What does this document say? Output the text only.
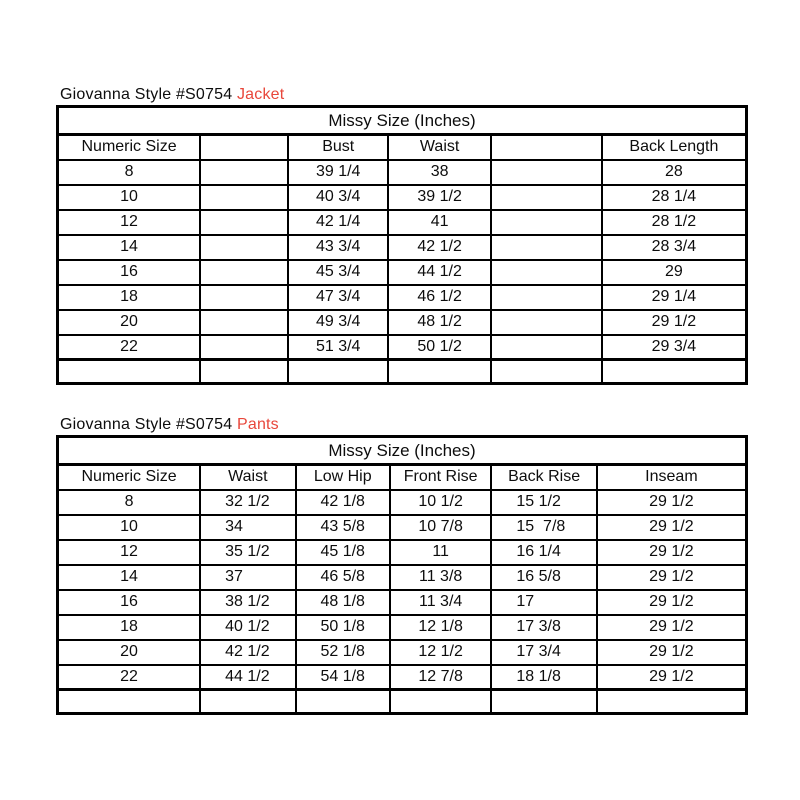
Giovanna Style #S0754 Jacket
Missy Size (Inches)					
Numeric Size		Bust	Waist		Back Length
8		39 1/4	38		28
10		40 3/4	39 1/2		28 1/4
12		42 1/4	41		28 1/2
14		43 3/4	42 1/2		28 3/4
16		45 3/4	44 1/2		29
18		47 3/4	46 1/2		29 1/4
20		49 3/4	48 1/2		29 1/2
22		51 3/4	50 1/2		29 3/4

Giovanna Style #S0754 Pants
Missy Size (Inches)					
Numeric Size	Waist	Low Hip	Front Rise	Back Rise	Inseam
8	32 1/2	42 1/8	10 1/2	15 1/2	29 1/2
10	34	43 5/8	10 7/8	15  7/8	29 1/2
12	35 1/2	45 1/8	11	16 1/4	29 1/2
14	37	46 5/8	11 3/8	16 5/8	29 1/2
16	38 1/2	48 1/8	11 3/4	17	29 1/2
18	40 1/2	50 1/8	12 1/8	17 3/8	29 1/2
20	42 1/2	52 1/8	12 1/2	17 3/4	29 1/2
22	44 1/2	54 1/8	12 7/8	18 1/8	29 1/2
